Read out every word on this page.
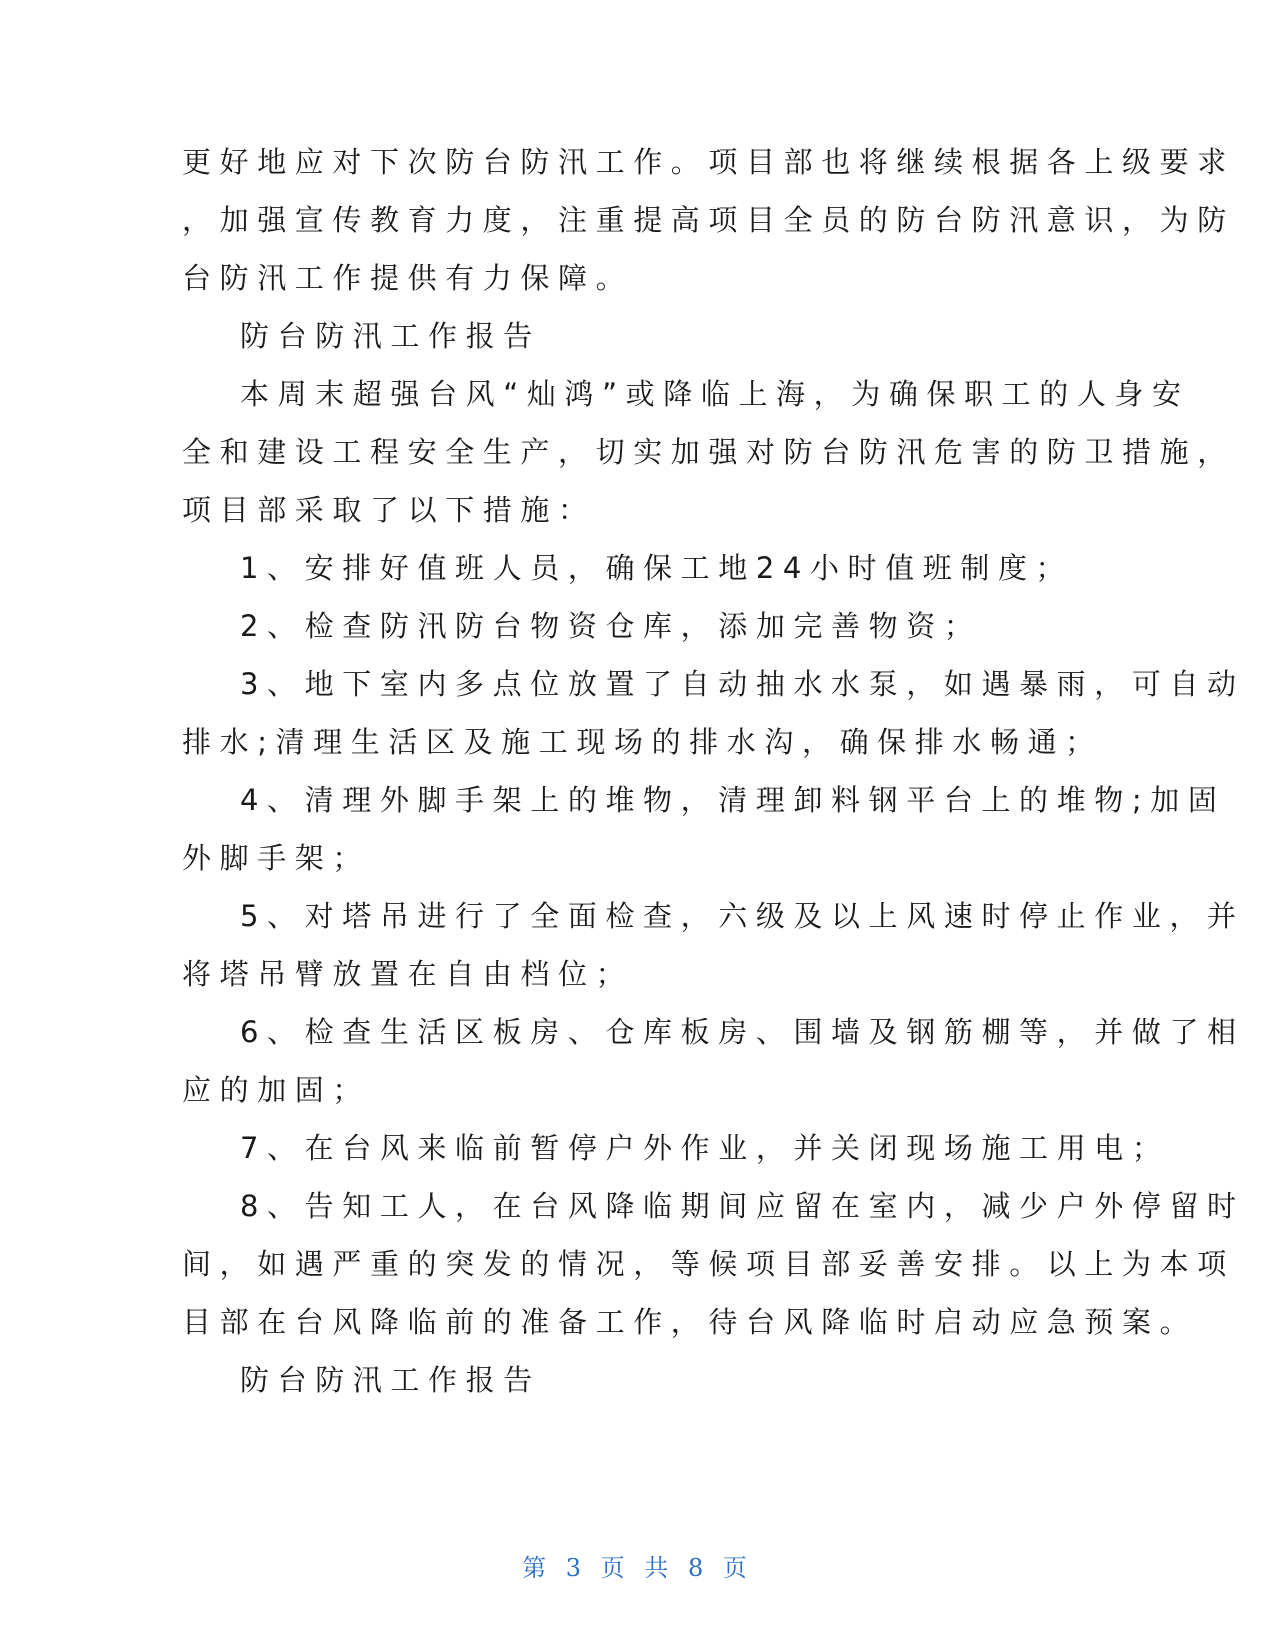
更好地应对下次防台防汛工作。项目部也将继续根据各上级要求
，加强宣传教育力度，注重提高项目全员的防台防汛意识，为防
台防汛工作提供有力保障。
防台防汛工作报告
本周末超强台风“灿鸿”或降临上海，为确保职工的人身安
全和建设工程安全生产，切实加强对防台防汛危害的防卫措施，
项目部采取了以下措施：
1、安排好值班人员，确保工地24小时值班制度；
2、检查防汛防台物资仓库，添加完善物资；
3、地下室内多点位放置了自动抽水水泵，如遇暴雨，可自动
排水;清理生活区及施工现场的排水沟，确保排水畅通；
4、清理外脚手架上的堆物，清理卸料钢平台上的堆物;加固
外脚手架；
5、对塔吊进行了全面检查，六级及以上风速时停止作业，并
将塔吊臂放置在自由档位；
6、检查生活区板房、仓库板房、围墙及钢筋棚等，并做了相
应的加固；
7、在台风来临前暂停户外作业，并关闭现场施工用电；
8、告知工人，在台风降临期间应留在室内，减少户外停留时
间，如遇严重的突发的情况，等候项目部妥善安排。以上为本项
目部在台风降临前的准备工作，待台风降临时启动应急预案。
防台防汛工作报告
第 3 页 共 8 页
